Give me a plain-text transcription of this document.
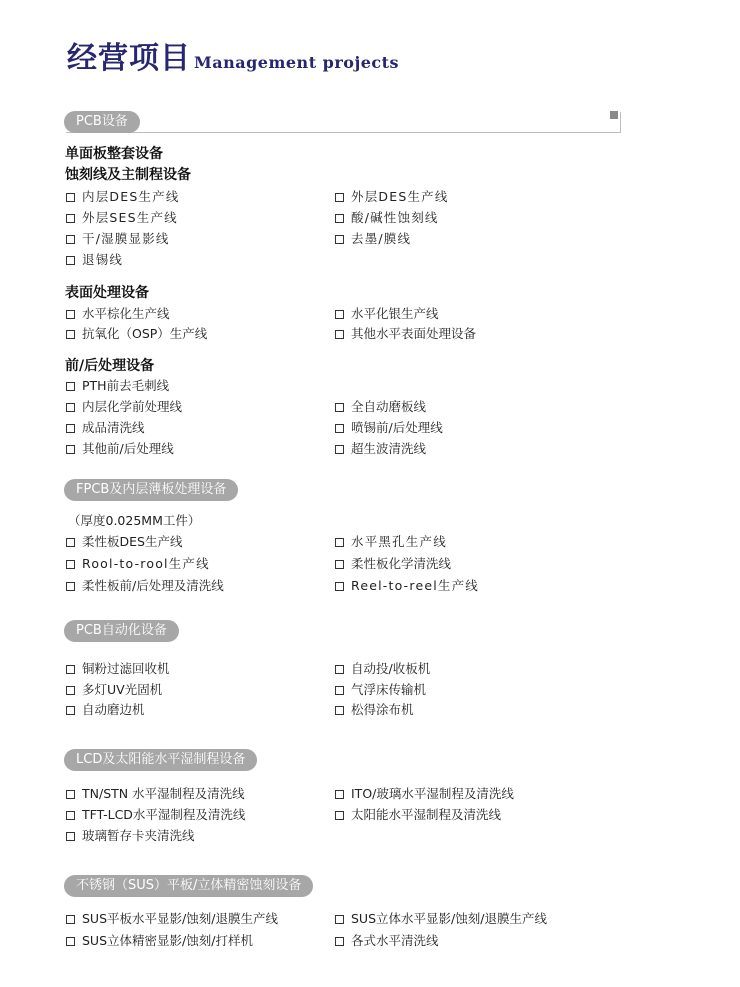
经营项目 Management projects
PCB设备
单面板整套设备
蚀刻线及主制程设备
内层DES生产线	外层DES生产线
外层SES生产线	酸/碱性蚀刻线
干/湿膜显影线	去墨/膜线
退锡线
表面处理设备
水平棕化生产线	水平化银生产线
抗氧化（OSP）生产线	其他水平表面处理设备
前/后处理设备
PTH前去毛刺线
内层化学前处理线	全自动磨板线
成品清洗线	喷锡前/后处理线
其他前/后处理线	超生波清洗线
FPCB及内层薄板处理设备
（厚度0.025MM工件）
柔性板DES生产线	水平黑孔生产线
Rool-to-rool生产线	柔性板化学清洗线
柔性板前/后处理及清洗线	Reel-to-reel生产线
PCB自动化设备
铜粉过滤回收机	自动投/收板机
多灯UV光固机	气浮床传输机
自动磨边机	松得涂布机
LCD及太阳能水平湿制程设备
TN/STN 水平湿制程及清洗线	ITO/玻璃水平湿制程及清洗线
TFT-LCD水平湿制程及清洗线	太阳能水平湿制程及清洗线
玻璃暂存卡夹清洗线
不锈钢（SUS）平板/立体精密蚀刻设备
SUS平板水平显影/蚀刻/退膜生产线	SUS立体水平显影/蚀刻/退膜生产线
SUS立体精密显影/蚀刻/打样机	各式水平清洗线
